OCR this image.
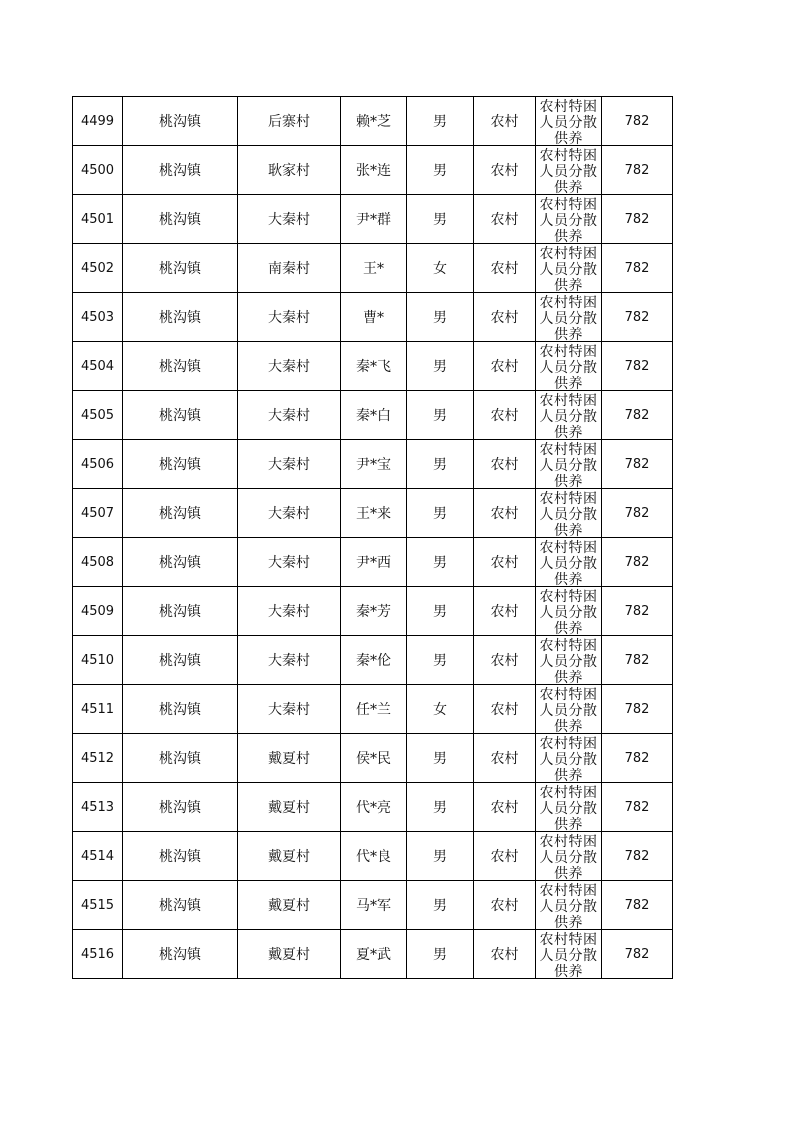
4499	桃沟镇	后寨村	赖*芝	男	农村	农村特困人员分散供养	782
4500	桃沟镇	耿家村	张*连	男	农村	农村特困人员分散供养	782
4501	桃沟镇	大秦村	尹*群	男	农村	农村特困人员分散供养	782
4502	桃沟镇	南秦村	王*	女	农村	农村特困人员分散供养	782
4503	桃沟镇	大秦村	曹*	男	农村	农村特困人员分散供养	782
4504	桃沟镇	大秦村	秦*飞	男	农村	农村特困人员分散供养	782
4505	桃沟镇	大秦村	秦*白	男	农村	农村特困人员分散供养	782
4506	桃沟镇	大秦村	尹*宝	男	农村	农村特困人员分散供养	782
4507	桃沟镇	大秦村	王*来	男	农村	农村特困人员分散供养	782
4508	桃沟镇	大秦村	尹*西	男	农村	农村特困人员分散供养	782
4509	桃沟镇	大秦村	秦*芳	男	农村	农村特困人员分散供养	782
4510	桃沟镇	大秦村	秦*伦	男	农村	农村特困人员分散供养	782
4511	桃沟镇	大秦村	任*兰	女	农村	农村特困人员分散供养	782
4512	桃沟镇	戴夏村	侯*民	男	农村	农村特困人员分散供养	782
4513	桃沟镇	戴夏村	代*亮	男	农村	农村特困人员分散供养	782
4514	桃沟镇	戴夏村	代*良	男	农村	农村特困人员分散供养	782
4515	桃沟镇	戴夏村	马*军	男	农村	农村特困人员分散供养	782
4516	桃沟镇	戴夏村	夏*武	男	农村	农村特困人员分散供养	782
